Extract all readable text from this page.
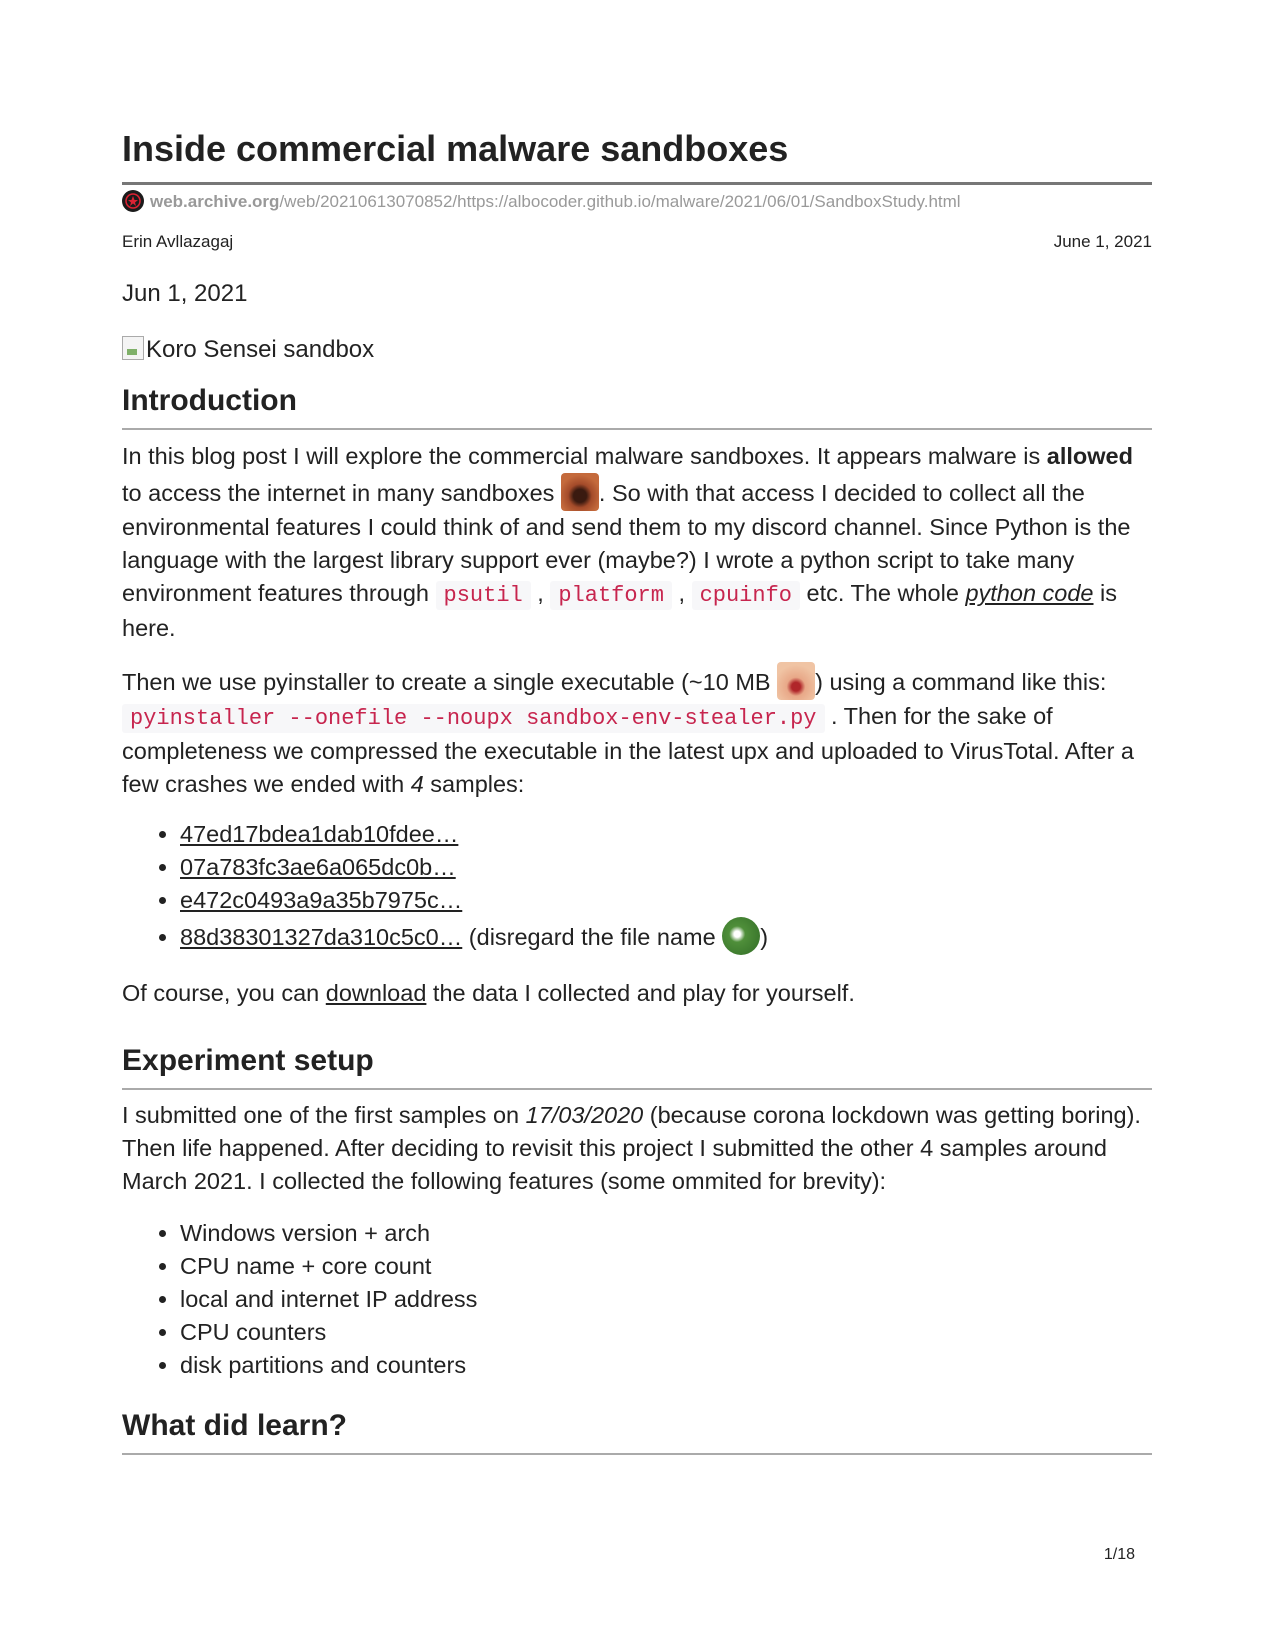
Inside commercial malware sandboxes
web.archive.org/web/20210613070852/https://albocoder.github.io/malware/2021/06/01/SandboxStudy.html
Erin Avllazagaj	June 1, 2021
Jun 1, 2021
Koro Sensei sandbox
Introduction

In this blog post I will explore the commercial malware sandboxes. It appears malware is allowed to access the internet in many sandboxes . So with that access I decided to collect all the environmental features I could think of and send them to my discord channel. Since Python is the language with the largest library support ever (maybe?) I wrote a python script to take many environment features through psutil , platform , cpuinfo etc. The whole python code is here.

Then we use pyinstaller to create a single executable (~10 MB ) using a command like this: pyinstaller --onefile --noupx sandbox-env-stealer.py . Then for the sake of completeness we compressed the executable in the latest upx and uploaded to VirusTotal. After a few crashes we ended with 4 samples:

• 47ed17bdea1dab10fdee…
• 07a783fc3ae6a065dc0b…
• e472c0493a9a35b7975c…
• 88d38301327da310c5c0… (disregard the file name )

Of course, you can download the data I collected and play for yourself.

Experiment setup

I submitted one of the first samples on 17/03/2020 (because corona lockdown was getting boring). Then life happened. After deciding to revisit this project I submitted the other 4 samples around March 2021. I collected the following features (some ommited for brevity):

• Windows version + arch
• CPU name + core count
• local and internet IP address
• CPU counters
• disk partitions and counters
What did learn?
1/18
